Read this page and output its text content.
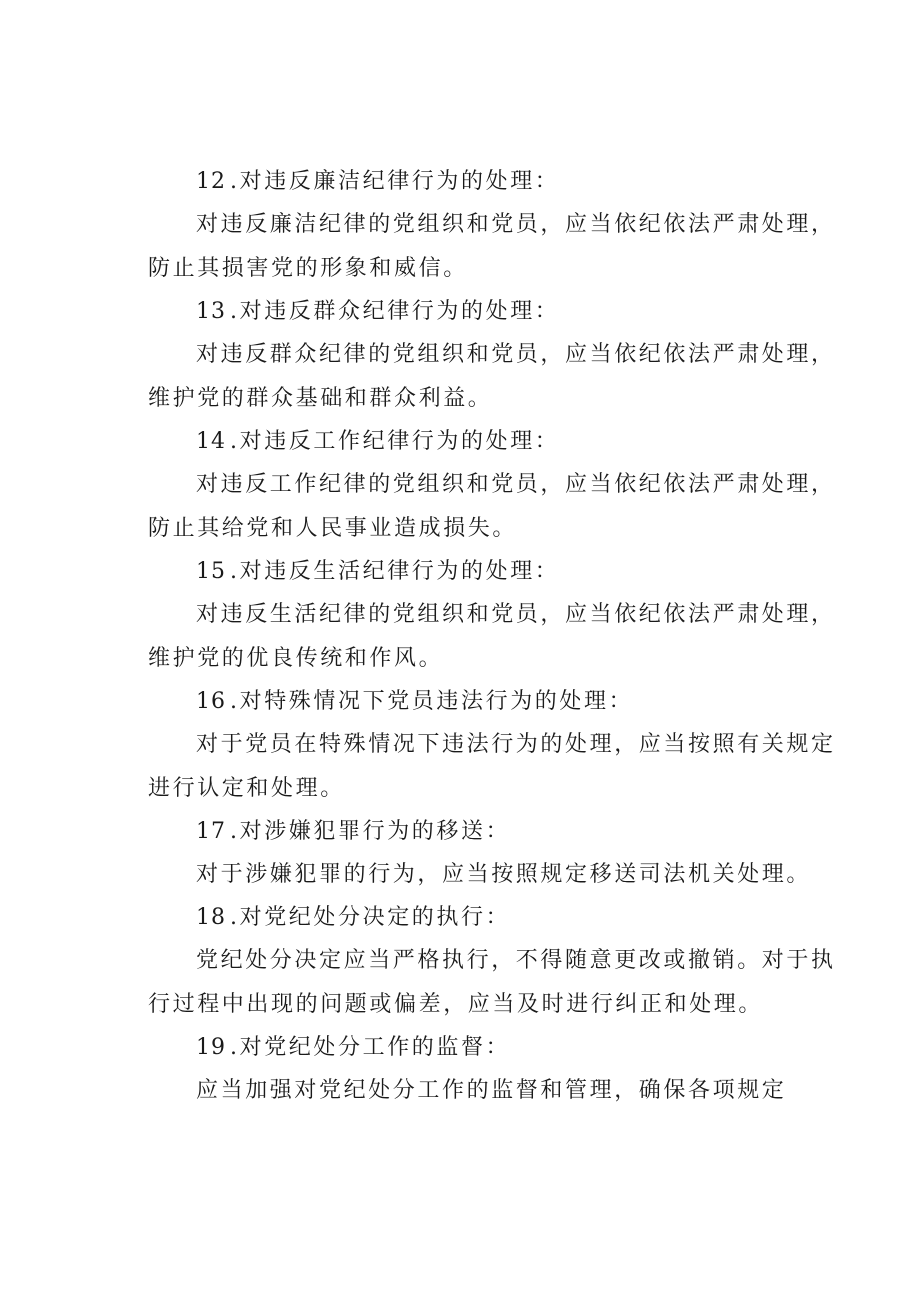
12 .对违反廉洁纪律行为的处理：
对违反廉洁纪律的党组织和党员，应当依纪依法严肃处理，
防止其损害党的形象和威信。
13 .对违反群众纪律行为的处理：
对违反群众纪律的党组织和党员，应当依纪依法严肃处理，
维护党的群众基础和群众利益。
14 .对违反工作纪律行为的处理：
对违反工作纪律的党组织和党员，应当依纪依法严肃处理，
防止其给党和人民事业造成损失。
15 .对违反生活纪律行为的处理：
对违反生活纪律的党组织和党员，应当依纪依法严肃处理，
维护党的优良传统和作风。
16 .对特殊情况下党员违法行为的处理：
对于党员在特殊情况下违法行为的处理，应当按照有关规定
进行认定和处理。
17 .对涉嫌犯罪行为的移送：
对于涉嫌犯罪的行为，应当按照规定移送司法机关处理。
18 .对党纪处分决定的执行：
党纪处分决定应当严格执行，不得随意更改或撤销。对于执
行过程中出现的问题或偏差，应当及时进行纠正和处理。
19 .对党纪处分工作的监督：
应当加强对党纪处分工作的监督和管理，确保各项规定
